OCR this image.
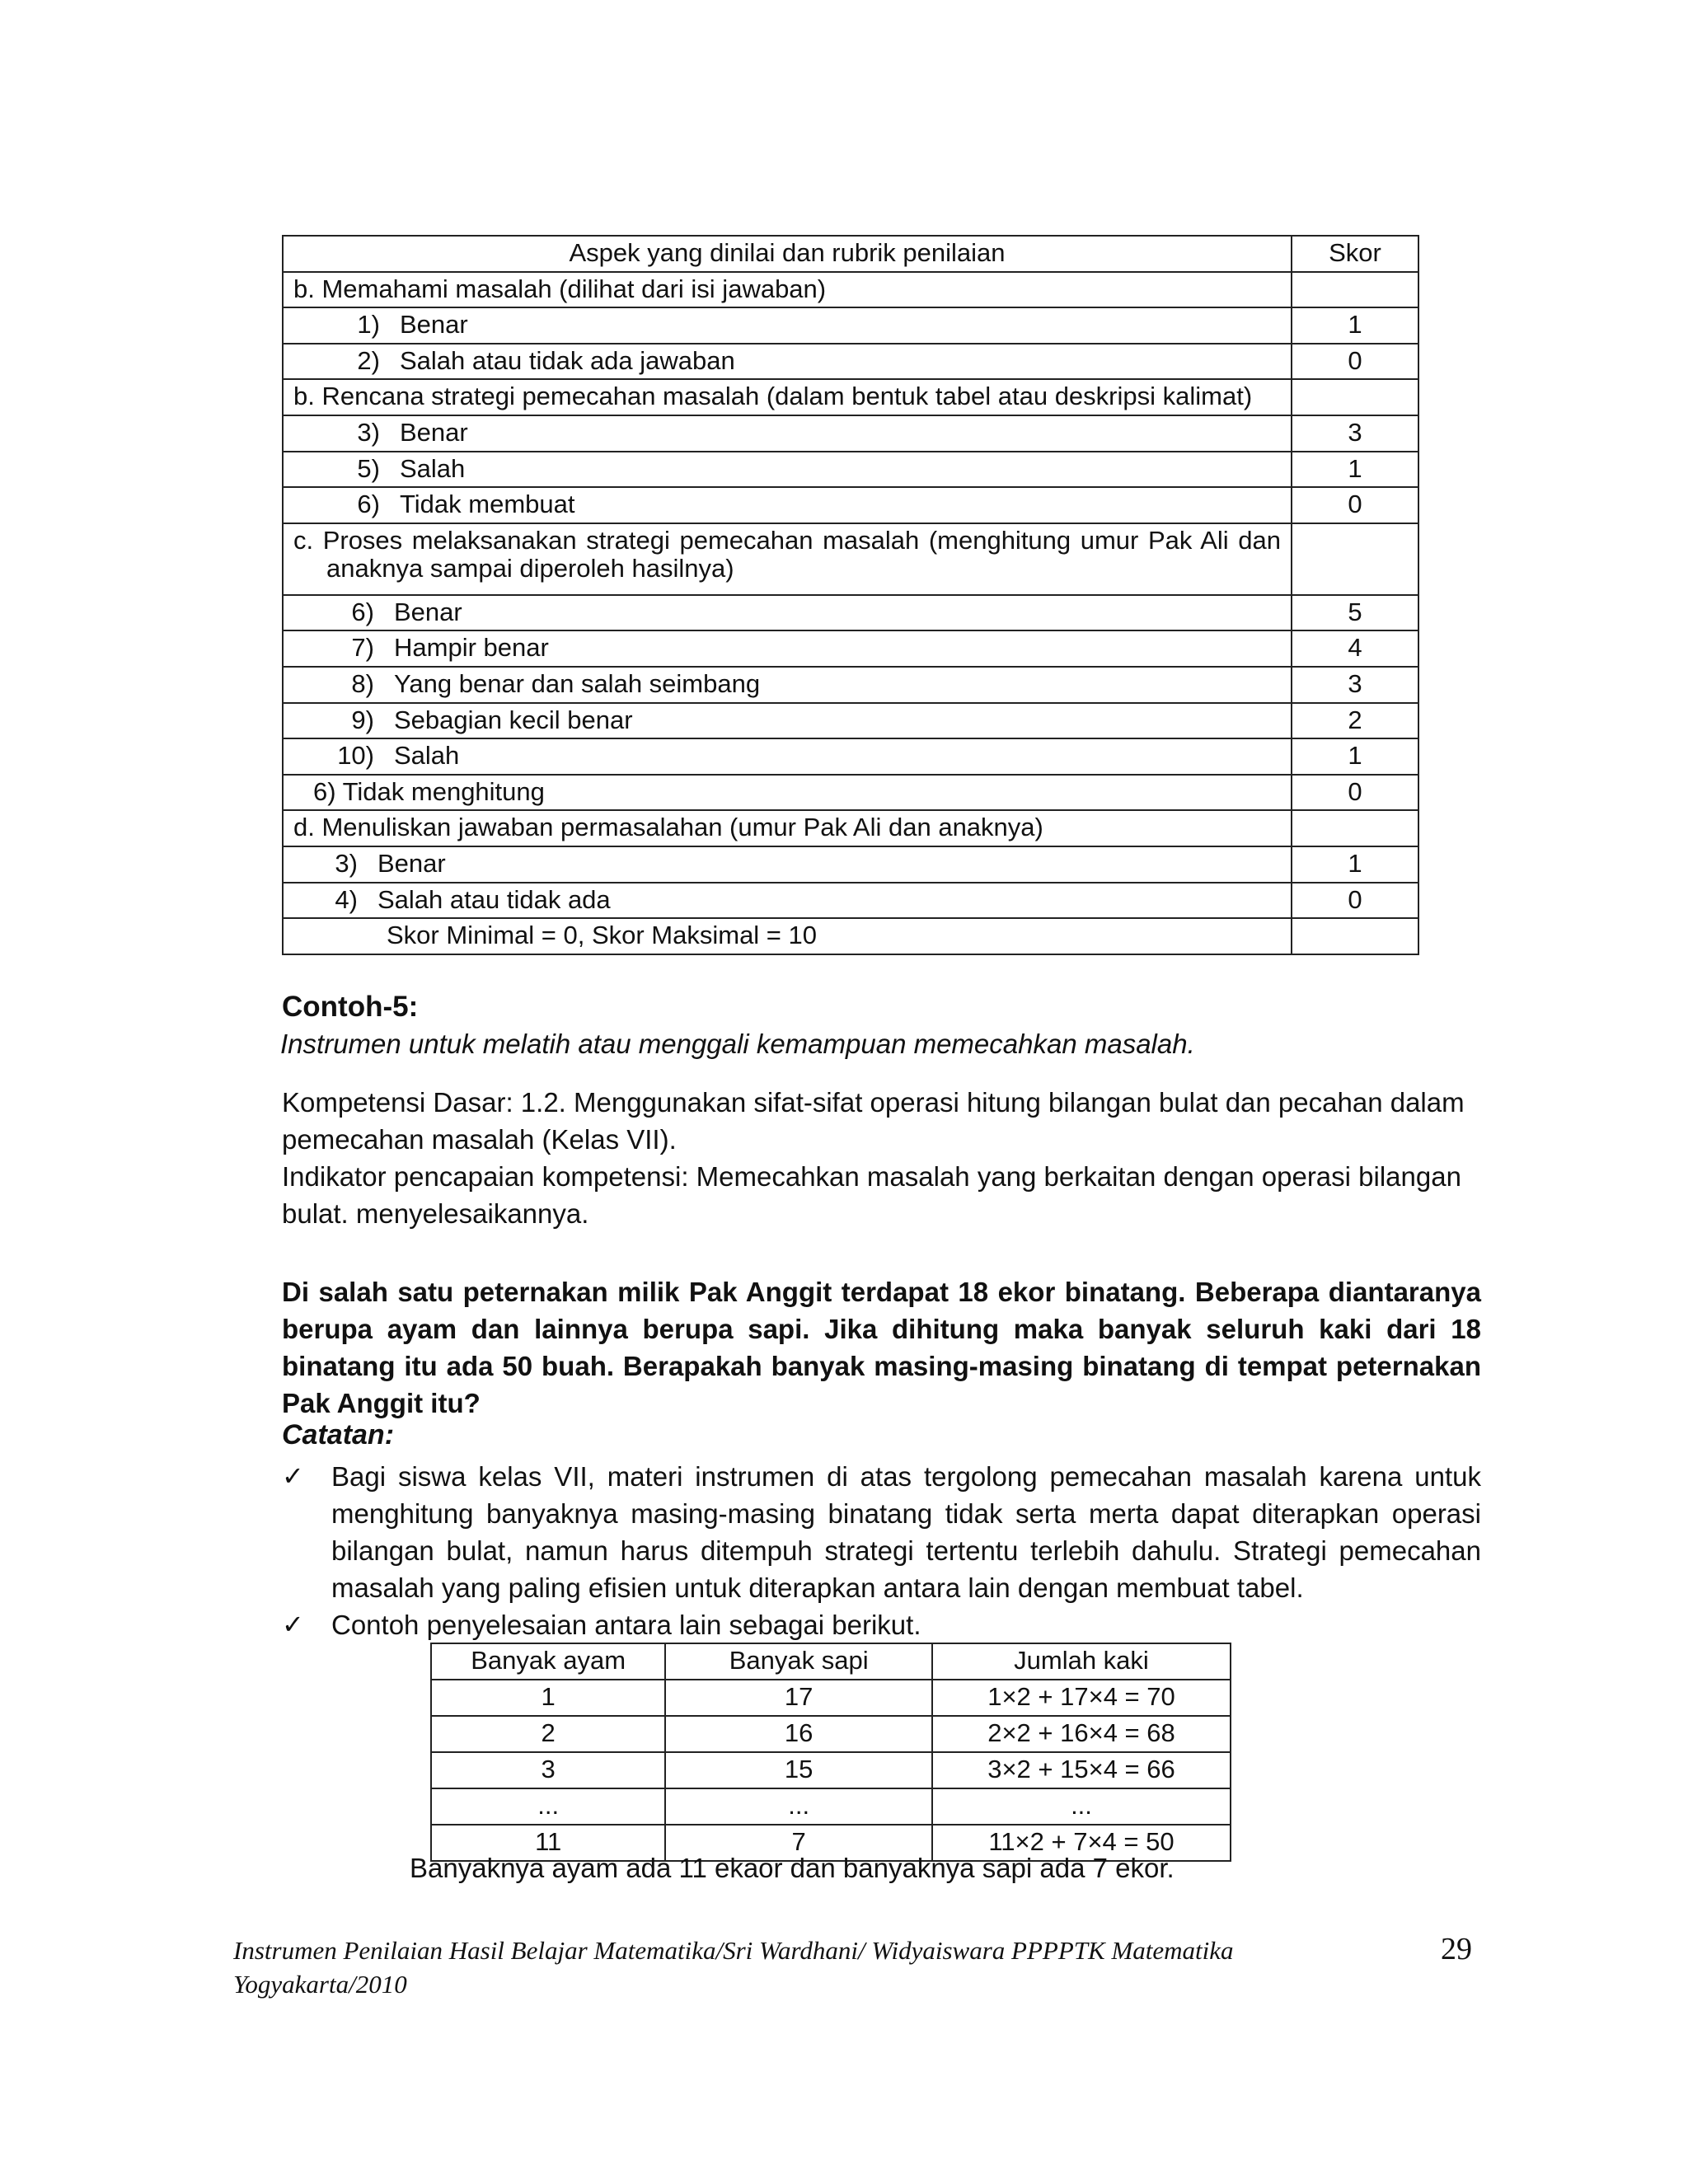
Aspek yang dinilai dan rubrik penilaian	Skor
b. Memahami masalah (dilihat dari isi jawaban)	
1) Benar	1
2) Salah atau tidak ada jawaban	0
b. Rencana strategi pemecahan masalah (dalam bentuk tabel atau deskripsi kalimat)	
3) Benar	3
5) Salah	1
6) Tidak membuat	0

c. Proses melaksanakan strategi pemecahan masalah (menghitung umur Pak Ali dan anaknya sampai diperoleh hasilnya)	

6) Benar	5
7) Hampir benar	4
8) Yang benar dan salah seimbang	3
9) Sebagian kecil benar	2
10) Salah	1
6) Tidak menghitung	0
d. Menuliskan jawaban permasalahan (umur Pak Ali dan anaknya)	
3) Benar	1
4) Salah atau tidak ada	0
Skor Minimal = 0, Skor Maksimal = 10	
Contoh-5:
Instrumen untuk melatih atau menggali kemampuan memecahkan masalah.

Kompetensi Dasar: 1.2. Menggunakan sifat-sifat operasi hitung bilangan bulat dan pecahan dalam pemecahan masalah (Kelas VII).

Indikator pencapaian kompetensi: Memecahkan masalah yang berkaitan dengan operasi bilangan bulat. menyelesaikannya.

Di salah satu peternakan milik Pak Anggit terdapat 18 ekor binatang. Beberapa diantaranya berupa ayam dan lainnya berupa sapi. Jika dihitung maka banyak seluruh kaki dari 18 binatang itu ada 50 buah. Berapakah banyak masing-masing binatang di tempat peternakan Pak Anggit itu?

Catatan:
✓ Bagi siswa kelas VII, materi instrumen di atas tergolong pemecahan masalah karena untuk menghitung banyaknya masing-masing binatang tidak serta merta dapat diterapkan operasi bilangan bulat, namun harus ditempuh strategi tertentu terlebih dahulu. Strategi pemecahan masalah yang paling efisien untuk diterapkan antara lain dengan membuat tabel.
✓ Contoh penyelesaian antara lain sebagai berikut.
Banyak ayam	Banyak sapi	Jumlah kaki
1	17	1×2 + 17×4 = 70
2	16	2×2 + 16×4 = 68
3	15	3×2 + 15×4 = 66
...	...	...
11	7	11×2 + 7×4 = 50
Banyaknya ayam ada 11 ekaor dan banyaknya sapi ada 7 ekor.
Instrumen Penilaian Hasil Belajar Matematika/Sri Wardhani/ Widyaiswara PPPPTK Matematika Yogyakarta/2010
29
